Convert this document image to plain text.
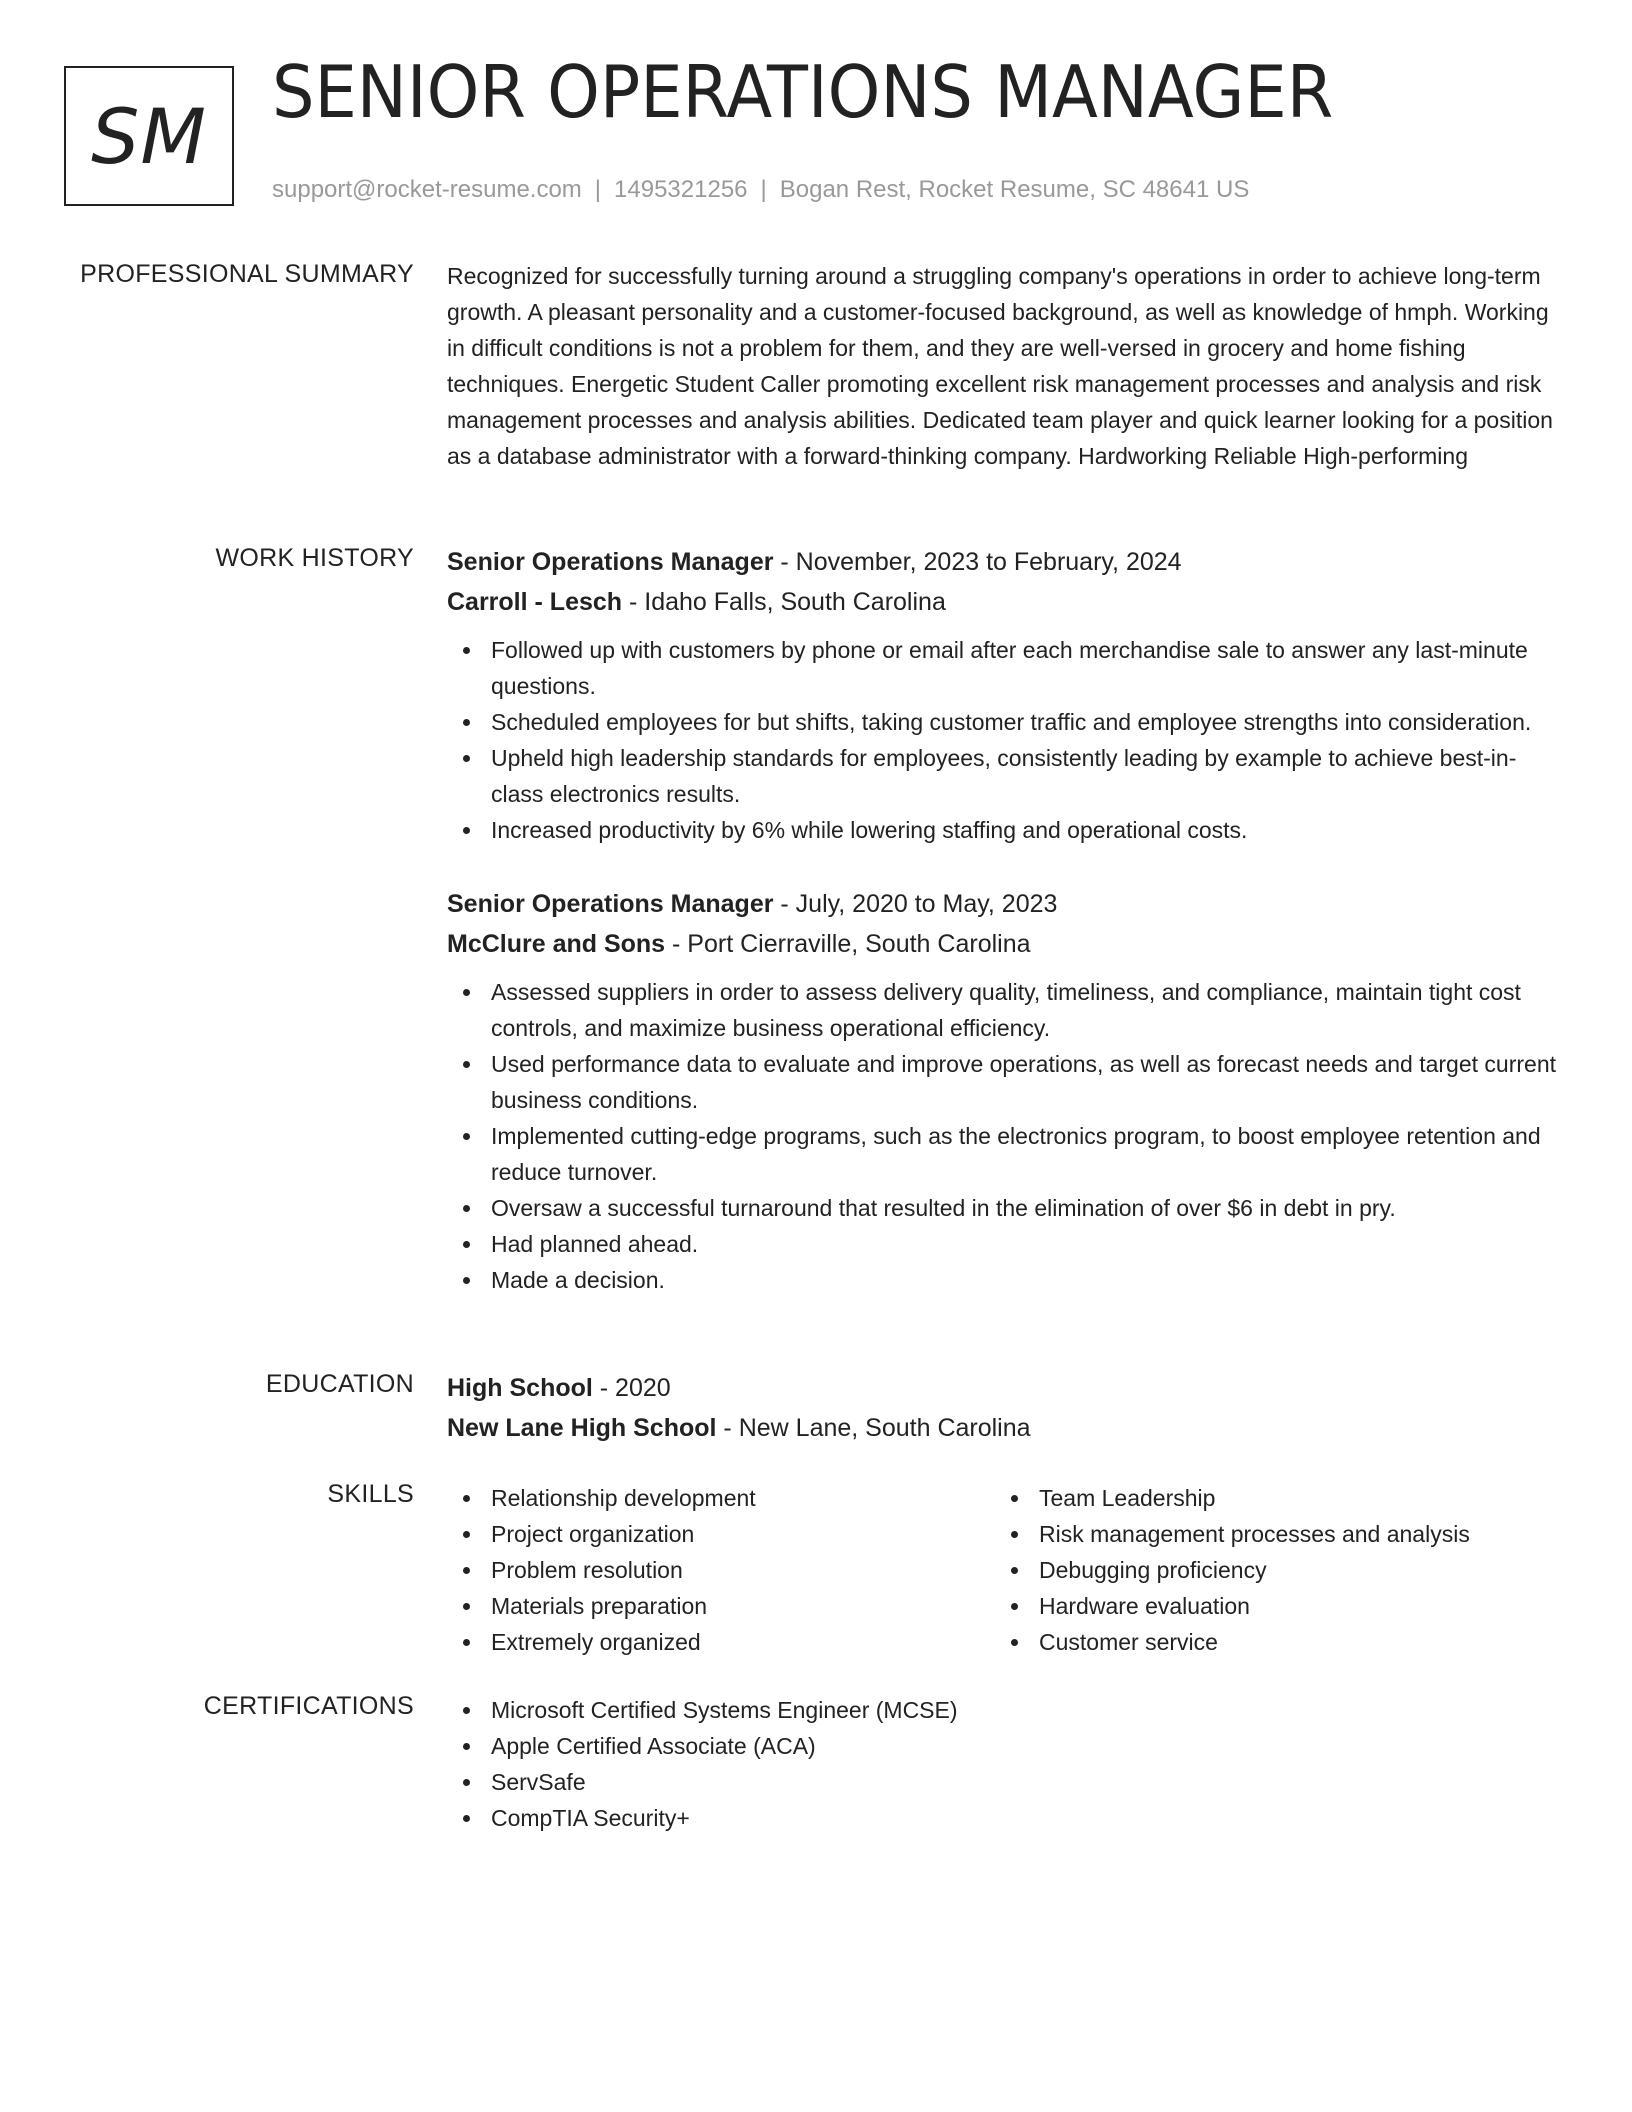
SM SENIOR OPERATIONS MANAGER
support@rocket-resume.com | 1495321256 | Bogan Rest, Rocket Resume, SC 48641 US
PROFESSIONAL SUMMARY Recognized for successfully turning around a struggling company's operations in order to achieve long-term growth. A pleasant personality and a customer-focused background, as well as knowledge of hmph. Working in difficult conditions is not a problem for them, and they are well-versed in grocery and home fishing techniques. Energetic Student Caller promoting excellent risk management processes and analysis and risk management processes and analysis abilities. Dedicated team player and quick learner looking for a position as a database administrator with a forward-thinking company. Hardworking Reliable High-performing

WORK HISTORY Senior Operations Manager - November, 2023 to February, 2024
Carroll - Lesch - Idaho Falls, South Carolina
Followed up with customers by phone or email after each merchandise sale to answer any last-minute questions.
Scheduled employees for but shifts, taking customer traffic and employee strengths into consideration.
Upheld high leadership standards for employees, consistently leading by example to achieve best-in-class electronics results.
Increased productivity by 6% while lowering staffing and operational costs.
Senior Operations Manager - July, 2020 to May, 2023
McClure and Sons - Port Cierraville, South Carolina
Assessed suppliers in order to assess delivery quality, timeliness, and compliance, maintain tight cost controls, and maximize business operational efficiency.
Used performance data to evaluate and improve operations, as well as forecast needs and target current business conditions.
Implemented cutting-edge programs, such as the electronics program, to boost employee retention and reduce turnover.
Oversaw a successful turnaround that resulted in the elimination of over $6 in debt in pry.
Had planned ahead.
Made a decision.
EDUCATION High School - 2020
New Lane High School - New Lane, South Carolina
SKILLS	Relationship development
Project organization
Problem resolution
Materials preparation
Extremely organized
Team Leadership
Risk management processes and analysis
Debugging proficiency
Hardware evaluation
Customer service
CERTIFICATIONS	Microsoft Certified Systems Engineer (MCSE)
Apple Certified Associate (ACA)
ServSafe
CompTIA Security+
